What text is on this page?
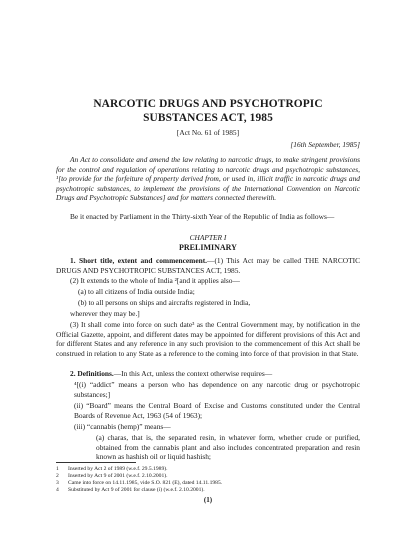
NARCOTIC DRUGS AND PSYCHOTROPIC
SUBSTANCES ACT, 1985
[Act No. 61 of 1985]
[16th September, 1985]

An Act to consolidate and amend the law relating to narcotic drugs, to make stringent provisions for the control and regulation of operations relating to narcotic drugs and psychotropic substances, ¹[to provide for the forfeiture of property derived from, or used in, illicit traffic in narcotic drugs and psychotropic substances, to implement the provisions of the International Convention on Narcotic Drugs and Psychotropic Substances] and for matters connected therewith.

Be it enacted by Parliament in the Thirty-sixth Year of the Republic of India as follows—

CHAPTER I
PRELIMINARY

1. Short title, extent and commencement.—(1) This Act may be called THE NARCOTIC DRUGS AND PSYCHOTROPIC SUBSTANCES ACT, 1985.

(2) It extends to the whole of India ²[and it applies also—

(a) to all citizens of India outside India;

(b) to all persons on ships and aircrafts registered in India,

wherever they may be.]

(3) It shall come into force on such date³ as the Central Government may, by notification in the Official Gazette, appoint, and different dates may be appointed for different provisions of this Act and for different States and any reference in any such provision to the commencement of this Act shall be construed in relation to any State as a reference to the coming into force of that provision in that State.

2. Definitions.—In this Act, unless the context otherwise requires—

⁴[(i) “addict” means a person who has dependence on any narcotic drug or psychotropic substances;]

(ii) “Board” means the Central Board of Excise and Customs constituted under the Central Boards of Revenue Act, 1963 (54 of 1963);

(iii) “cannabis (hemp)” means—

(a) charas, that is, the separated resin, in whatever form, whether crude or purified, obtained from the cannabis plant and also includes concentrated preparation and resin known as hashish oil or liquid hashish;

1 Inserted by Act 2 of 1989 (w.e.f. 29.5.1989).
2 Inserted by Act 9 of 2001 (w.e.f. 2.10.2001).
3 Came into force on 14.11.1985, vide S.O. 821 (E), dated 14.11.1985.
4 Substituted by Act 9 of 2001 for clause (i) (w.e.f. 2.10.2001).
(1)
